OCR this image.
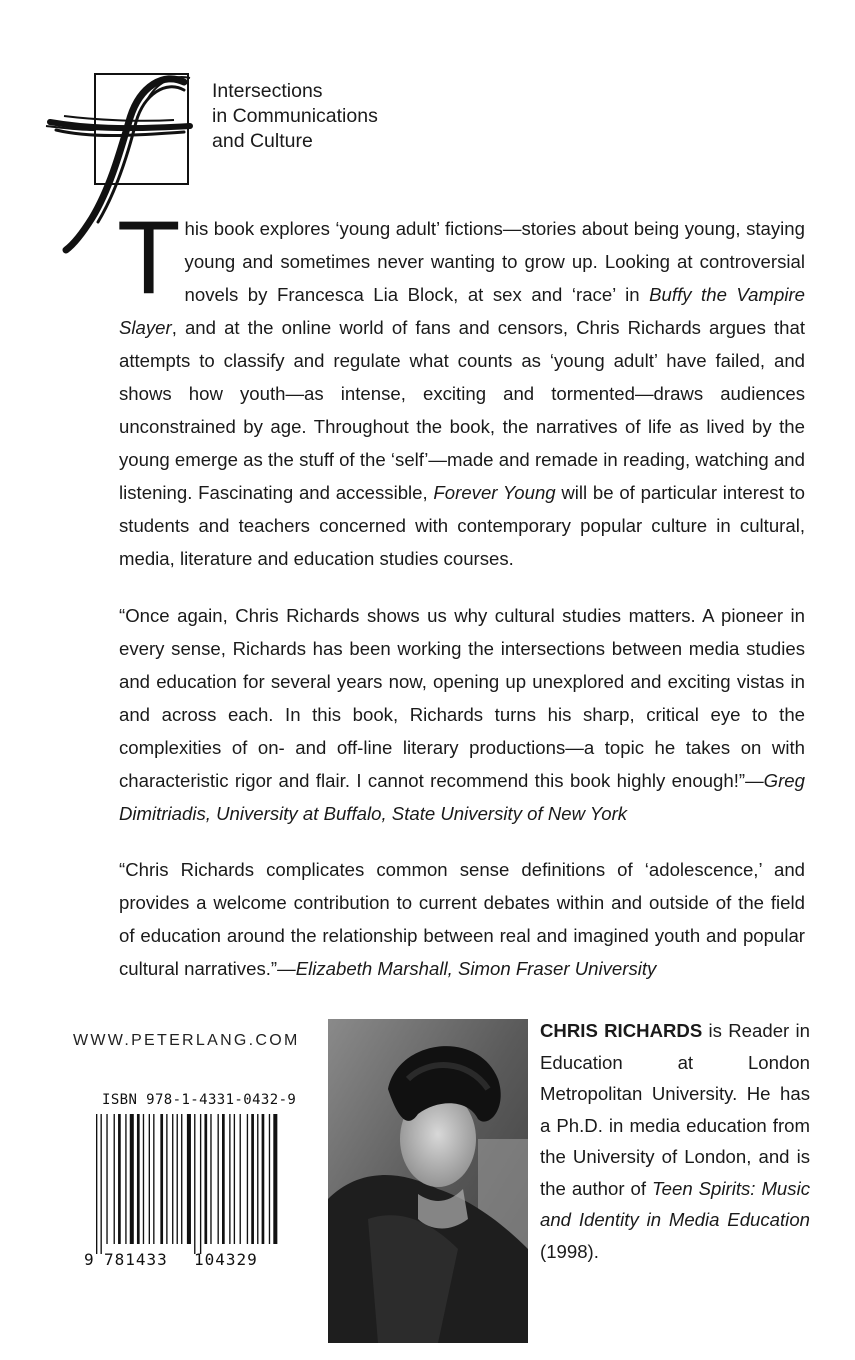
Intersections
in Communications
and Culture

This book explores ‘young adult’ fictions—stories about being young, staying young and sometimes never wanting to grow up. Looking at controversial novels by Francesca Lia Block, at sex and ‘race’ in Buffy the Vampire Slayer, and at the online world of fans and censors, Chris Richards argues that attempts to classify and regulate what counts as ‘young adult’ have failed, and shows how youth—as intense, exciting and tormented—draws audiences unconstrained by age. Throughout the book, the narratives of life as lived by the young emerge as the stuff of the ‘self’—made and remade in reading, watching and listening. Fascinating and accessible, Forever Young will be of particular interest to students and teachers concerned with contemporary popular culture in cultural, media, literature and education studies courses.

“Once again, Chris Richards shows us why cultural studies matters. A pioneer in every sense, Richards has been working the intersections between media studies and education for several years now, opening up unexplored and exciting vistas in and across each. In this book, Richards turns his sharp, critical eye to the complexities of on- and off-line literary productions—a topic he takes on with characteristic rigor and flair. I cannot recommend this book highly enough!”—Greg Dimitriadis, University at Buffalo, State University of New York

“Chris Richards complicates common sense definitions of ‘adolescence,’ and provides a welcome contribution to current debates within and outside of the field of education around the relationship between real and imagined youth and popular cultural narratives.”—Elizabeth Marshall, Simon Fraser University

WWW.PETERLANG.COM
ISBN 978-1-4331-0432-9
9 781433 104329

CHRIS RICHARDS is Reader in Education at London Metropolitan University. He has a Ph.D. in media education from the University of London, and is the author of Teen Spirits: Music and Identity in Media Education (1998).
